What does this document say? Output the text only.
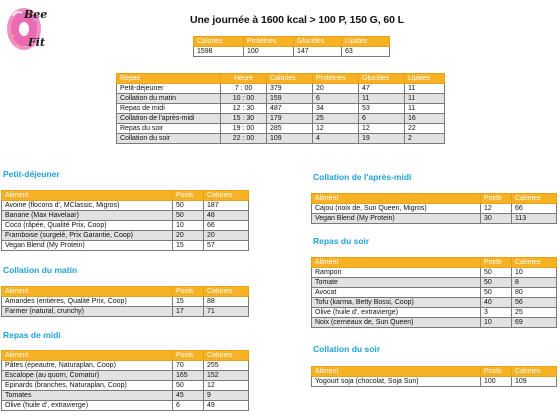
Bee
Fit
Une journée à 1600 kcal > 100 P, 150 G, 60 L
Calories	Protéines	Glucides	Lipides
1598	100	147	63
Repas	Heure	Calories	Protéines	Glucides	Lipides
Petit-déjeuner	7 : 00	379	20	47	11
Collation du matin	10 : 00	159	6	11	11
Repas de midi	12 : 30	487	34	53	11
Collation de l'après-midi	15 : 30	179	25	6	16
Repas du soir	19 : 00	285	12	12	22
Collation du soir	22 : 00	109	4	19	2
Petit-déjeuner
Aliment	Poids	Calories
Avoine (flocons d', MClassic, Migros)	50	187
Banane (Max Havelaar)	50	48
Coco (râpée, Qualité Prix, Coop)	10	66
Framboise (surgelé, Prix Garantie, Coop)	20	20
Vegan Blend (My Protein)	15	57
Collation du matin
Aliment	Poids	Calories
Amandes (entières, Qualité Prix, Coop)	15	88
Farmer (natural, crunchy)	17	71
Repas de midi
Aliment	Poids	Calories
Pâtes (épeautre, Naturaplan, Coop)	70	255
Escalope (au quorn, Cornatur)	165	152
Epinards (branches, Naturaplan, Coop)	50	12
Tomates	45	9
Olive (huile d', extravierge)	6	49
Collation de l'après-midi
Aliment	Poids	Calories
Cajou (noix de, Sun Queen, Migros)	12	66
Vegan Blend (My Protein)	30	113
Repas du soir
Aliment	Poids	Calories
Rampon	50	10
Tomate	50	8
Avocat	50	80
Tofu (karma, Betty Bossi, Coop)	40	56
Olive (huile d', extravierge)	3	25
Noix (cerneaux de, Sun Queen)	10	69
Collation du soir
Aliment	Poids	Calories
Yogourt soja (chocolat, Soja Sun)	100	109
